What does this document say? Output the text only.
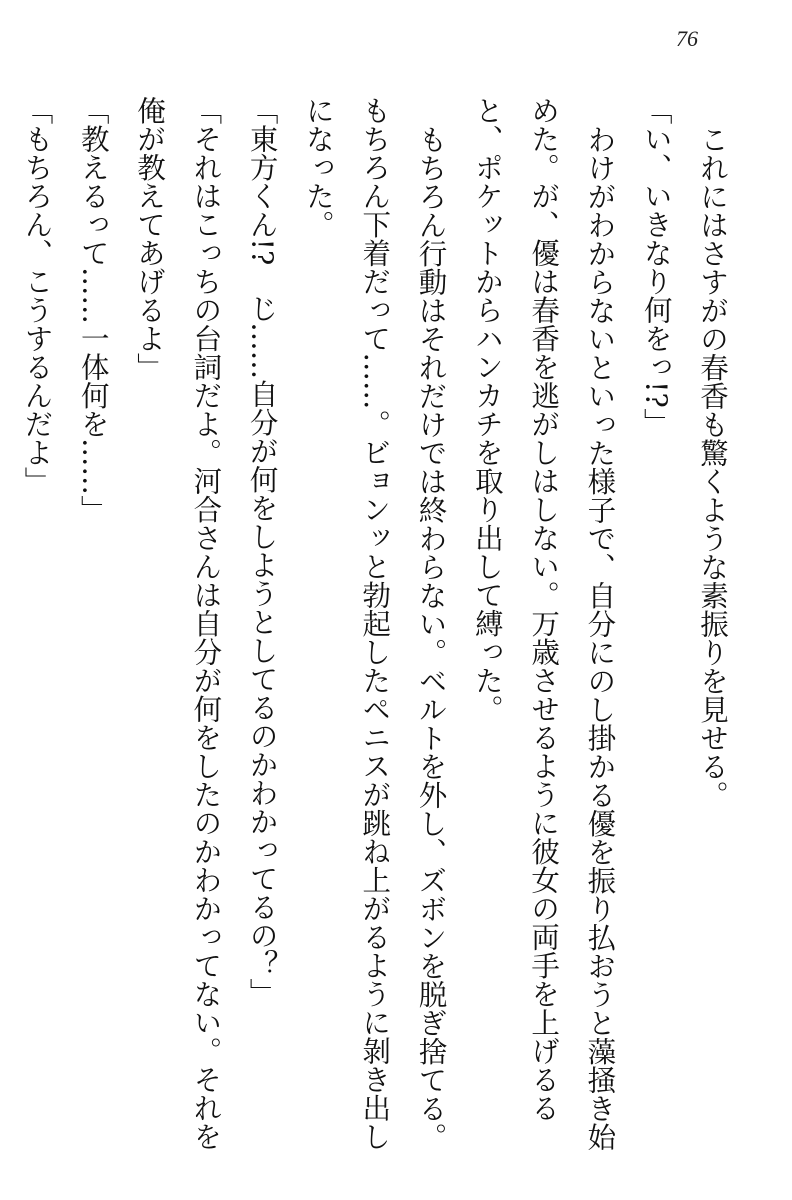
76

これにはさすがの春香も驚くような素振りを見せる。

「い、いきなり何をっ!?」

わけがわからないといった様子で、自分にのし掛かる優を振り払おうと藻掻き始めた。が、優は春香を逃がしはしない。万歳させるように彼女の両手を上げるると、ポケットからハンカチを取り出して縛った。

もちろん行動はそれだけでは終わらない。ベルトを外し、ズボンを脱ぎ捨てる。もちろん下着だって……。ビョンッと勃起したペニスが跳ね上がるように剝き出しになった。

「東方くん!?　じ……自分が何をしようとしてるのかわかってるの？」

「それはこっちの台詞だよ。河合さんは自分が何をしたのかわかってない。それを俺が教えてあげるよ」

「教えるって……一体何を……」

「もちろん、こうするんだよ」
